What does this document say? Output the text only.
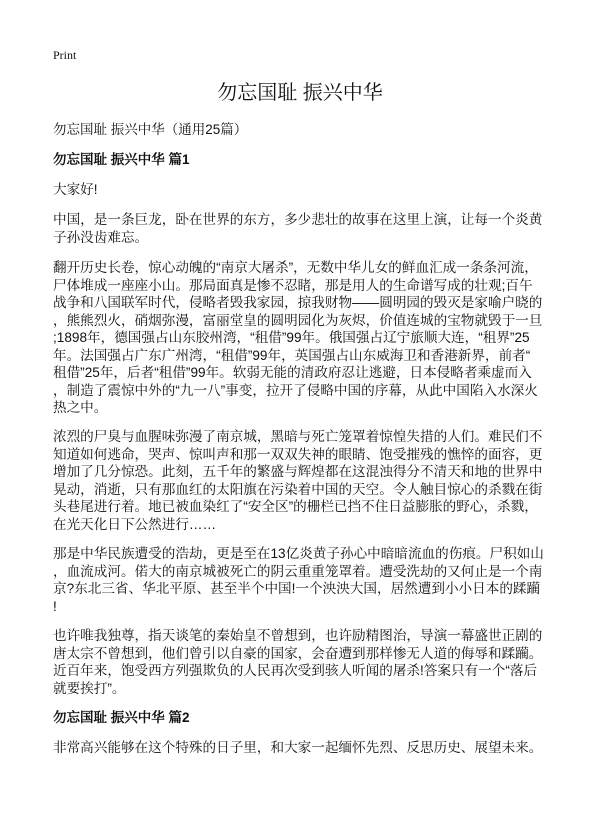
Print
勿忘国耻 振兴中华
勿忘国耻 振兴中华（通用25篇）
勿忘国耻 振兴中华 篇1
大家好!
中国，是一条巨龙，卧在世界的东方，多少悲壮的故事在这里上演，让每一个炎黄
子孙没齿难忘。
翻开历史长卷，惊心动魄的“南京大屠杀”，无数中华儿女的鲜血汇成一条条河流，
尸体堆成一座座小山。那局面真是惨不忍睹，那是用人的生命谱写成的壮观;百午
战争和八国联军时代，侵略者毁我家园，掠我财物——圆明园的毁灭是家喻户晓的
，熊熊烈火，硝烟弥漫，富丽堂皇的圆明园化为灰烬，价值连城的宝物就毁于一旦
;1898年，德国强占山东胶州湾，“租借”99年。俄国强占辽宁旅顺大连，“租界”25
年。法国强占广东广州湾，“租借”99年，英国强占山东威海卫和香港新界，前者“
租借”25年，后者“租借”99年。软弱无能的清政府忍让逃避，日本侵略者乘虚而入
，制造了震惊中外的“九一八”事变，拉开了侵略中国的序幕，从此中国陷入水深火
热之中。
浓烈的尸臭与血腥味弥漫了南京城，黑暗与死亡笼罩着惊惶失措的人们。难民们不
知道如何逃命，哭声、惊叫声和那一双双失神的眼睛、饱受摧残的憔悴的面容，更
增加了几分惊恐。此刻，五千年的繁盛与辉煌都在这混浊得分不清天和地的世界中
晃动，消逝，只有那血红的太阳旗在污染着中国的天空。令人触目惊心的杀戮在街
头巷尾进行着。地已被血染红了“安全区”的栅栏已挡不住日益膨胀的野心，杀戮，
在光天化日下公然进行……
那是中华民族遭受的浩劫，更是至在13亿炎黄子孙心中暗暗流血的伤痕。尸积如山
，血流成河。偌大的南京城被死亡的阴云重重笼罩着。遭受洗劫的又何止是一个南
京?东北三省、华北平原、甚至半个中国!一个泱泱大国，居然遭到小小日本的蹂躏
!
也许唯我独尊，指天谈笔的秦始皇不曾想到，也许励精图治，导演一幕盛世正剧的
唐太宗不曾想到，他们曾引以自豪的国家，会奋遭到那样惨无人道的侮辱和蹂躏。
近百年来，饱受西方列强欺负的人民再次受到骇人听闻的屠杀!答案只有一个“落后
就要挨打”。
勿忘国耻 振兴中华 篇2
非常高兴能够在这个特殊的日子里，和大家一起缅怀先烈、反思历史、展望未来。
